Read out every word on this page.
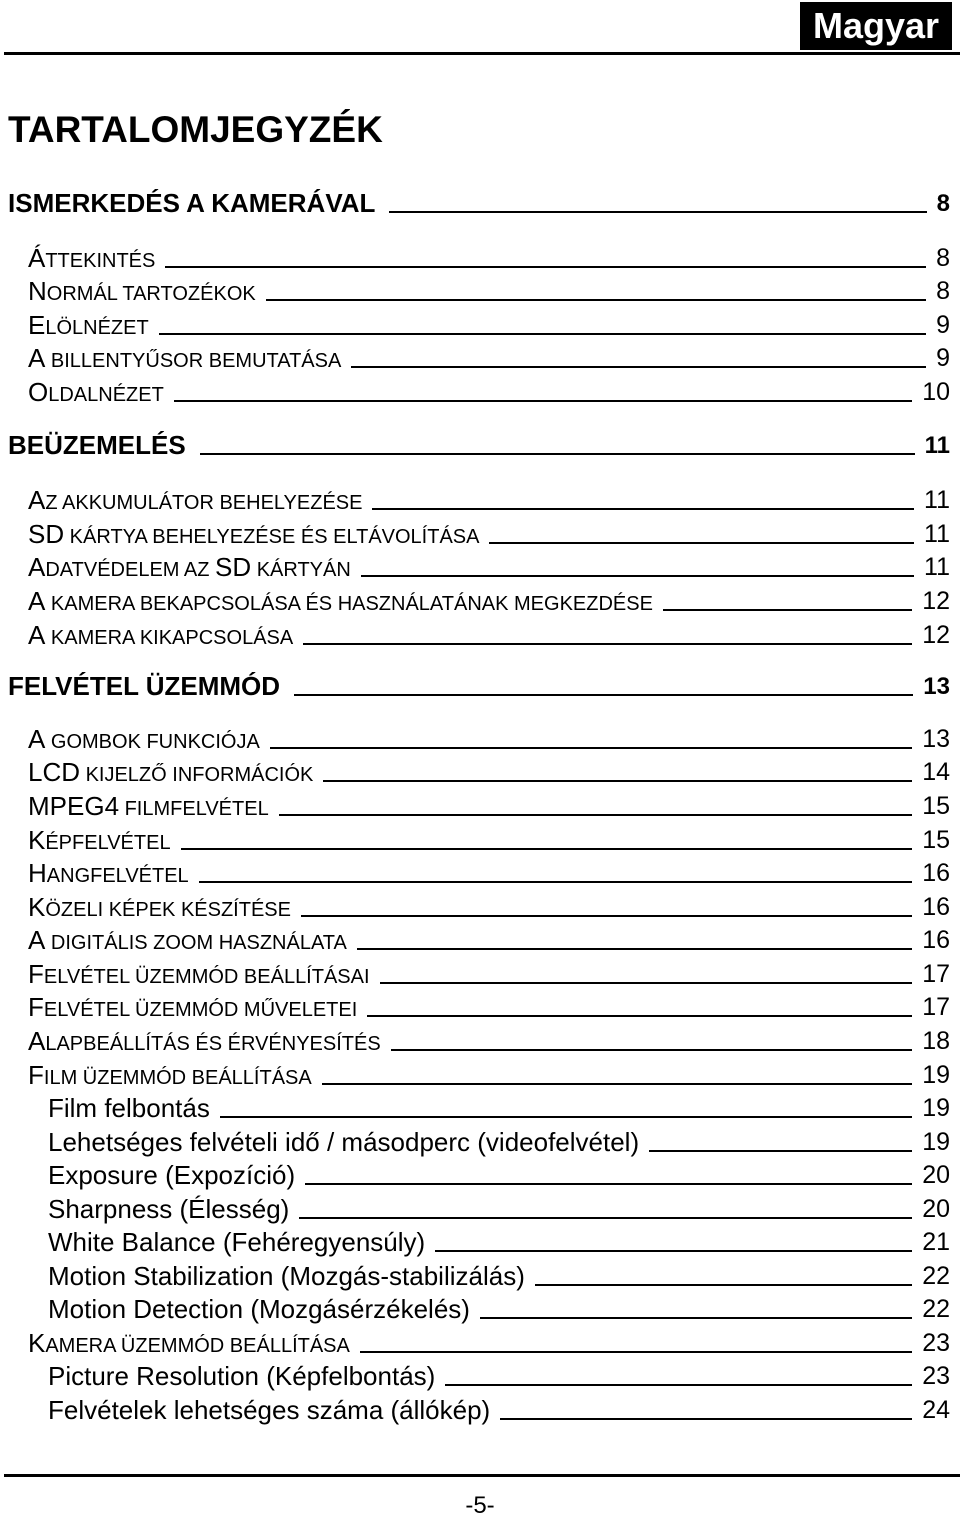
Magyar
TARTALOMJEGYZÉK
ISMERKEDÉS A KAMERÁVAL	8
ÁTTEKINTÉS	8
NORMÁL TARTOZÉKOK	8
ELÖLNÉZET	9
A BILLENTYŰSOR BEMUTATÁSA	9
OLDALNÉZET	10
BEÜZEMELÉS	11
AZ AKKUMULÁTOR BEHELYEZÉSE	11
SD KÁRTYA BEHELYEZÉSE ÉS ELTÁVOLÍTÁSA	11
ADATVÉDELEM AZ SD KÁRTYÁN	11
A KAMERA BEKAPCSOLÁSA ÉS HASZNÁLATÁNAK MEGKEZDÉSE	12
A KAMERA KIKAPCSOLÁSA	12
FELVÉTEL ÜZEMMÓD	13
A GOMBOK FUNKCIÓJA	13
LCD KIJELZŐ INFORMÁCIÓK	14
MPEG4 FILMFELVÉTEL	15
KÉPFELVÉTEL	15
HANGFELVÉTEL	16
KÖZELI KÉPEK KÉSZÍTÉSE	16
A DIGITÁLIS ZOOM HASZNÁLATA	16
FELVÉTEL ÜZEMMÓD BEÁLLÍTÁSAI	17
FELVÉTEL ÜZEMMÓD MŰVELETEI	17
ALAPBEÁLLÍTÁS ÉS ÉRVÉNYESÍTÉS	18
FILM ÜZEMMÓD BEÁLLÍTÁSA	19
Film felbontás	19
Lehetséges felvételi idő / másodperc (videofelvétel)	19
Exposure (Expozíció)	20
Sharpness (Élesség)	20
White Balance (Fehéregyensúly)	21
Motion Stabilization (Mozgás-stabilizálás)	22
Motion Detection (Mozgásérzékelés)	22
KAMERA ÜZEMMÓD BEÁLLÍTÁSA	23
Picture Resolution (Képfelbontás)	23
Felvételek lehetséges száma (állókép)	24
-5-
